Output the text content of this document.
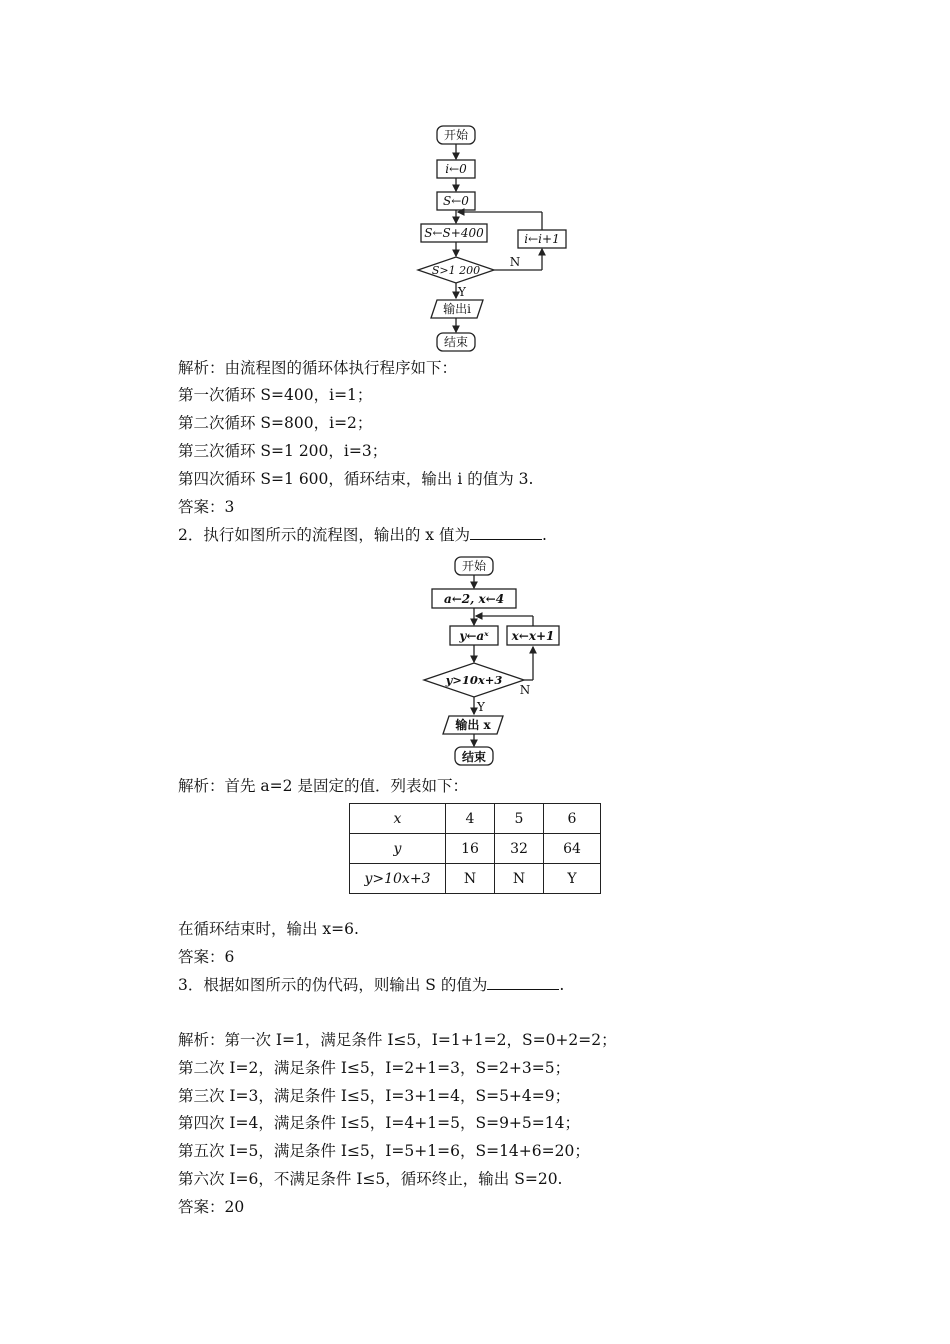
开始
i←0
S←0
S←S+400	i←i+1
S>1 200
N
Y
输出i
结束
解析：由流程图的循环体执行程序如下：
第一次循环 S=400，i=1；
第二次循环 S=800，i=2；
第三次循环 S=1 200，i=3；
第四次循环 S=1 600，循环结束，输出 i 的值为 3.
答案：3
2．执行如图所示的流程图，输出的 x 值为	.
开始
a←2, x←4
y←aˣ x←x+1
y>10x+3
N
Y
输出 x
结束
解析：首先 a=2 是固定的值．列表如下：
x	4	5	6
y	16	32	64
y>10x+3	N	N	Y
在循环结束时，输出 x=6.
答案：6
3．根据如图所示的伪代码，则输出 S 的值为	.
解析：第一次 I=1，满足条件 I≤5，I=1+1=2，S=0+2=2；
第二次 I=2，满足条件 I≤5，I=2+1=3，S=2+3=5；
第三次 I=3，满足条件 I≤5，I=3+1=4，S=5+4=9；
第四次 I=4，满足条件 I≤5，I=4+1=5，S=9+5=14；
第五次 I=5，满足条件 I≤5，I=5+1=6，S=14+6=20；
第六次 I=6，不满足条件 I≤5，循环终止，输出 S=20.
答案：20
